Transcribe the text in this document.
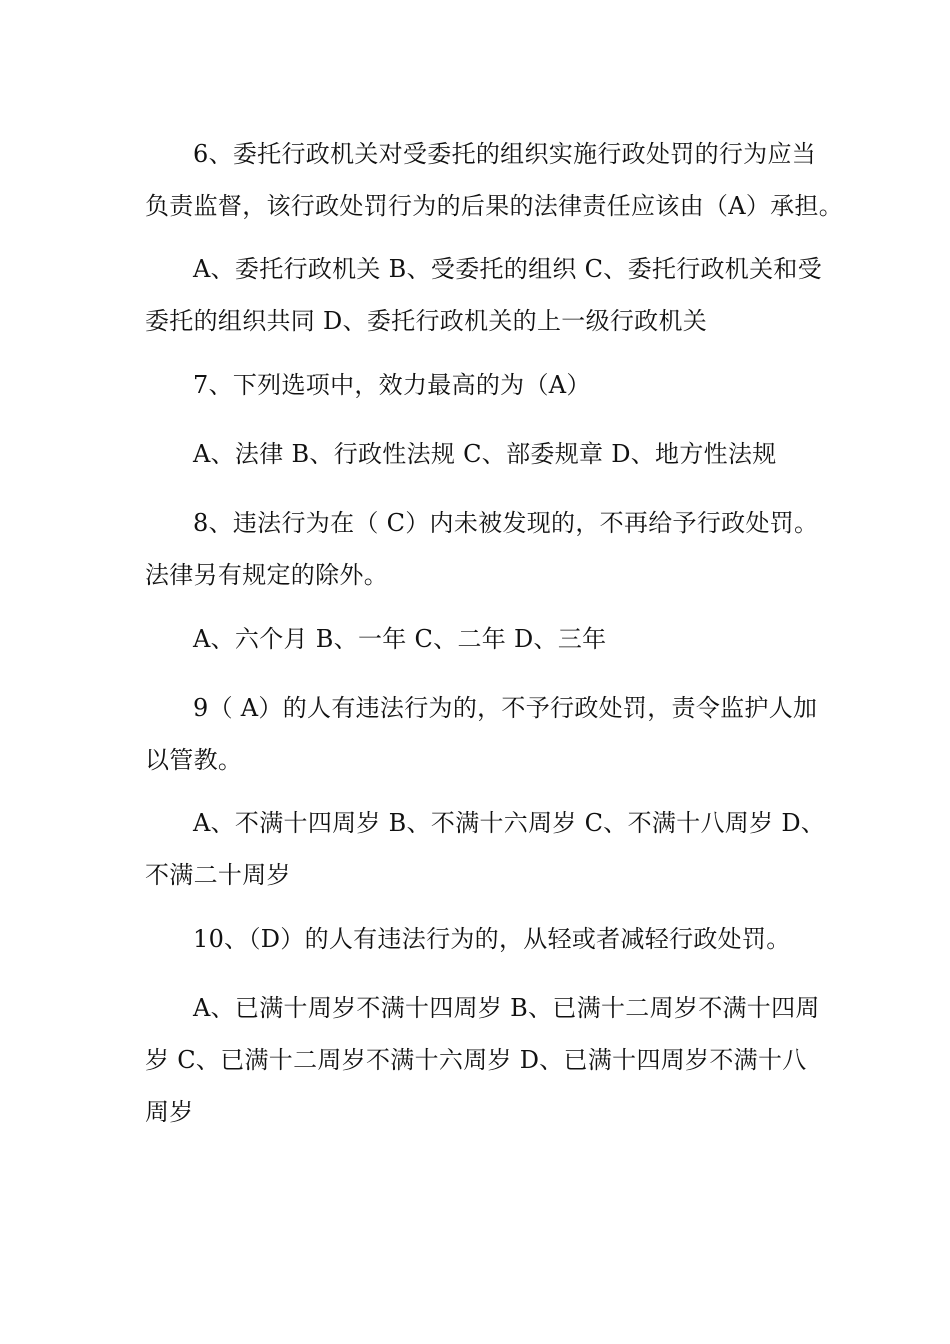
6、委托行政机关对受委托的组织实施行政处罚的行为应当
负责监督，该行政处罚行为的后果的法律责任应该由（A）承担。

A、委托行政机关 B、受委托的组织 C、委托行政机关和受
委托的组织共同 D、委托行政机关的上一级行政机关

7、下列选项中，效力最高的为（A）

A、法律 B、行政性法规 C、部委规章 D、地方性法规

8、违法行为在（ C）内未被发现的，不再给予行政处罚。
法律另有规定的除外。

A、六个月 B、一年 C、二年 D、三年

9（ A）的人有违法行为的，不予行政处罚，责令监护人加
以管教。

A、不满十四周岁 B、不满十六周岁 C、不满十八周岁 D、
不满二十周岁

10、（D）的人有违法行为的，从轻或者减轻行政处罚。

A、已满十周岁不满十四周岁 B、已满十二周岁不满十四周
岁 C、已满十二周岁不满十六周岁 D、已满十四周岁不满十八
周岁
